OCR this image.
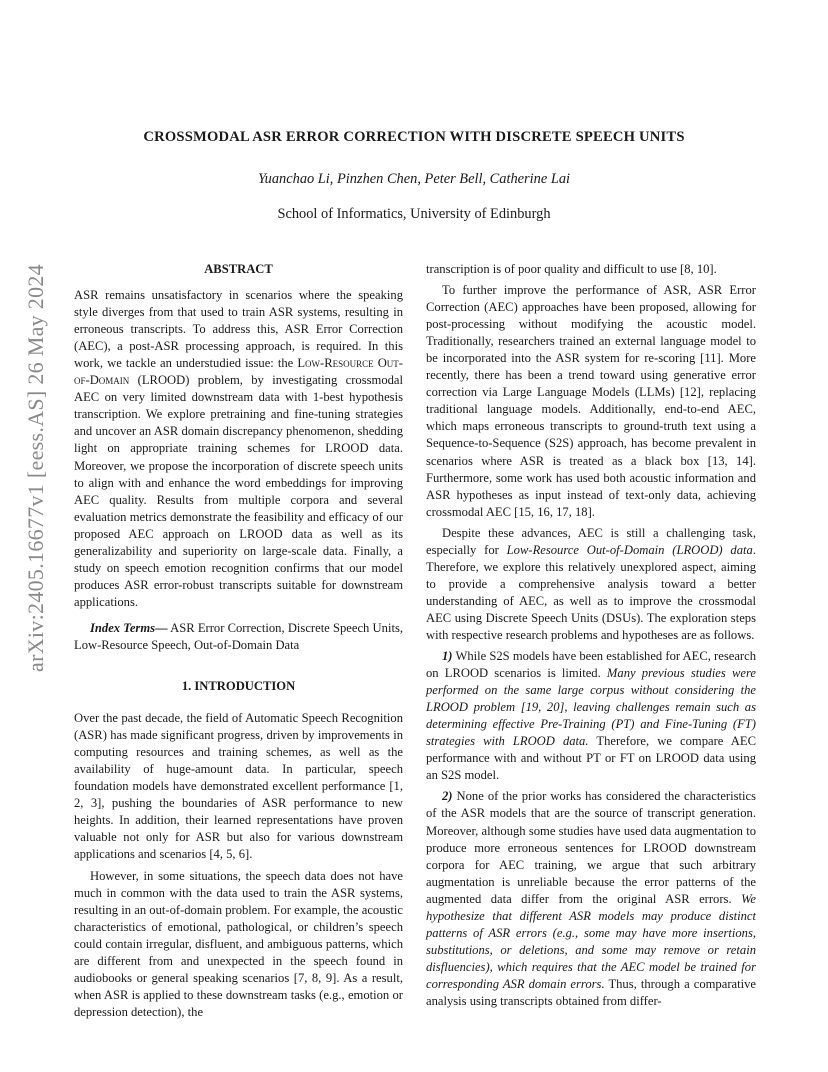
arXiv:2405.16677v1 [eess.AS] 26 May 2024
CROSSMODAL ASR ERROR CORRECTION WITH DISCRETE SPEECH UNITS
Yuanchao Li, Pinzhen Chen, Peter Bell, Catherine Lai
School of Informatics, University of Edinburgh
ABSTRACT

ASR remains unsatisfactory in scenarios where the speaking style diverges from that used to train ASR systems, resulting in erroneous transcripts. To address this, ASR Error Correction (AEC), a post-ASR processing approach, is required. In this work, we tackle an understudied issue: the Low-Resource Out-of-Domain (LROOD) problem, by investigating crossmodal AEC on very limited downstream data with 1-best hypothesis transcription. We explore pretraining and fine-tuning strategies and uncover an ASR domain discrepancy phenomenon, shedding light on appropriate training schemes for LROOD data. Moreover, we propose the incorporation of discrete speech units to align with and enhance the word embeddings for improving AEC quality. Results from multiple corpora and several evaluation metrics demonstrate the feasibility and efficacy of our proposed AEC approach on LROOD data as well as its generalizability and superiority on large-scale data. Finally, a study on speech emotion recognition confirms that our model produces ASR error-robust transcripts suitable for downstream applications.

Index Terms— ASR Error Correction, Discrete Speech Units, Low-Resource Speech, Out-of-Domain Data

1. INTRODUCTION

Over the past decade, the field of Automatic Speech Recognition (ASR) has made significant progress, driven by improvements in computing resources and training schemes, as well as the availability of huge-amount data. In particular, speech foundation models have demonstrated excellent performance [1, 2, 3], pushing the boundaries of ASR performance to new heights. In addition, their learned representations have proven valuable not only for ASR but also for various downstream applications and scenarios [4, 5, 6].

However, in some situations, the speech data does not have much in common with the data used to train the ASR systems, resulting in an out-of-domain problem. For example, the acoustic characteristics of emotional, pathological, or children’s speech could contain irregular, disfluent, and ambiguous patterns, which are different from and unexpected in the speech found in audiobooks or general speaking scenarios [7, 8, 9]. As a result, when ASR is applied to these downstream tasks (e.g., emotion or depression detection), the

transcription is of poor quality and difficult to use [8, 10].

To further improve the performance of ASR, ASR Error Correction (AEC) approaches have been proposed, allowing for post-processing without modifying the acoustic model. Traditionally, researchers trained an external language model to be incorporated into the ASR system for re-scoring [11]. More recently, there has been a trend toward using generative error correction via Large Language Models (LLMs) [12], replacing traditional language models. Additionally, end-to-end AEC, which maps erroneous transcripts to ground-truth text using a Sequence-to-Sequence (S2S) approach, has become prevalent in scenarios where ASR is treated as a black box [13, 14]. Furthermore, some work has used both acoustic information and ASR hypotheses as input instead of text-only data, achieving crossmodal AEC [15, 16, 17, 18].

Despite these advances, AEC is still a challenging task, especially for Low-Resource Out-of-Domain (LROOD) data. Therefore, we explore this relatively unexplored aspect, aiming to provide a comprehensive analysis toward a better understanding of AEC, as well as to improve the crossmodal AEC using Discrete Speech Units (DSUs). The exploration steps with respective research problems and hypotheses are as follows.

1) While S2S models have been established for AEC, research on LROOD scenarios is limited. Many previous studies were performed on the same large corpus without considering the LROOD problem [19, 20], leaving challenges remain such as determining effective Pre-Training (PT) and Fine-Tuning (FT) strategies with LROOD data. Therefore, we compare AEC performance with and without PT or FT on LROOD data using an S2S model.

2) None of the prior works has considered the characteristics of the ASR models that are the source of transcript generation. Moreover, although some studies have used data augmentation to produce more erroneous sentences for LROOD downstream corpora for AEC training, we argue that such arbitrary augmentation is unreliable because the error patterns of the augmented data differ from the original ASR errors. We hypothesize that different ASR models may produce distinct patterns of ASR errors (e.g., some may have more insertions, substitutions, or deletions, and some may remove or retain disfluencies), which requires that the AEC model be trained for corresponding ASR domain errors. Thus, through a comparative analysis using transcripts obtained from differ-
